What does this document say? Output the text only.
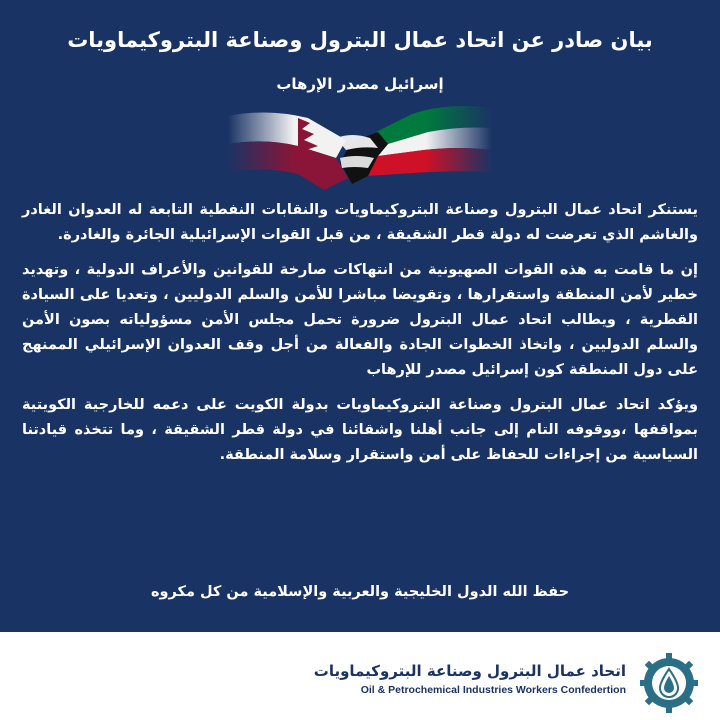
بيان صادر عن اتحاد عمال البترول وصناعة البتروكيماويات
إسرائيل مصدر الإرهاب

يستنكر اتحاد عمال البترول وصناعة البتروكيماويات والنقابات النفطية التابعة له العدوان الغادر والغاشم الذي تعرضت له دولة قطر الشقيقة ، من قبل القوات الإسرائيلية الجائرة والغادرة.

إن ما قامت به هذه القوات الصهيونية من انتهاكات صارخة للقوانين والأعراف الدولية ، وتهديد خطير لأمن المنطقة واستقرارها ، وتقويضا مباشرا للأمن والسلم الدوليين ، وتعديا على السيادة القطرية ، ويطالب اتحاد عمال البترول ضرورة تحمل مجلس الأمن مسؤولياته بصون الأمن والسلم الدوليين ، واتخاذ الخطوات الجادة والفعالة من أجل وقف العدوان الإسرائيلي الممنهج على دول المنطقة كون إسرائيل مصدر للإرهاب

ويؤكد اتحاد عمال البترول وصناعة البتروكيماويات بدولة الكويت على دعمه للخارجية الكويتية بمواقفها ،ووقوفه التام إلى جانب أهلنا واشقائنا في دولة قطر الشقيقة ، وما تتخذه قيادتنا السياسية من إجراءات للحفاظ على أمن واستقرار وسلامة المنطقة.

حفظ الله الدول الخليجية والعربية والإسلامية من كل مكروه
اتحاد عمال البترول وصناعة البتروكيماويات
Oil & Petrochemical Industries Workers Confedertion
